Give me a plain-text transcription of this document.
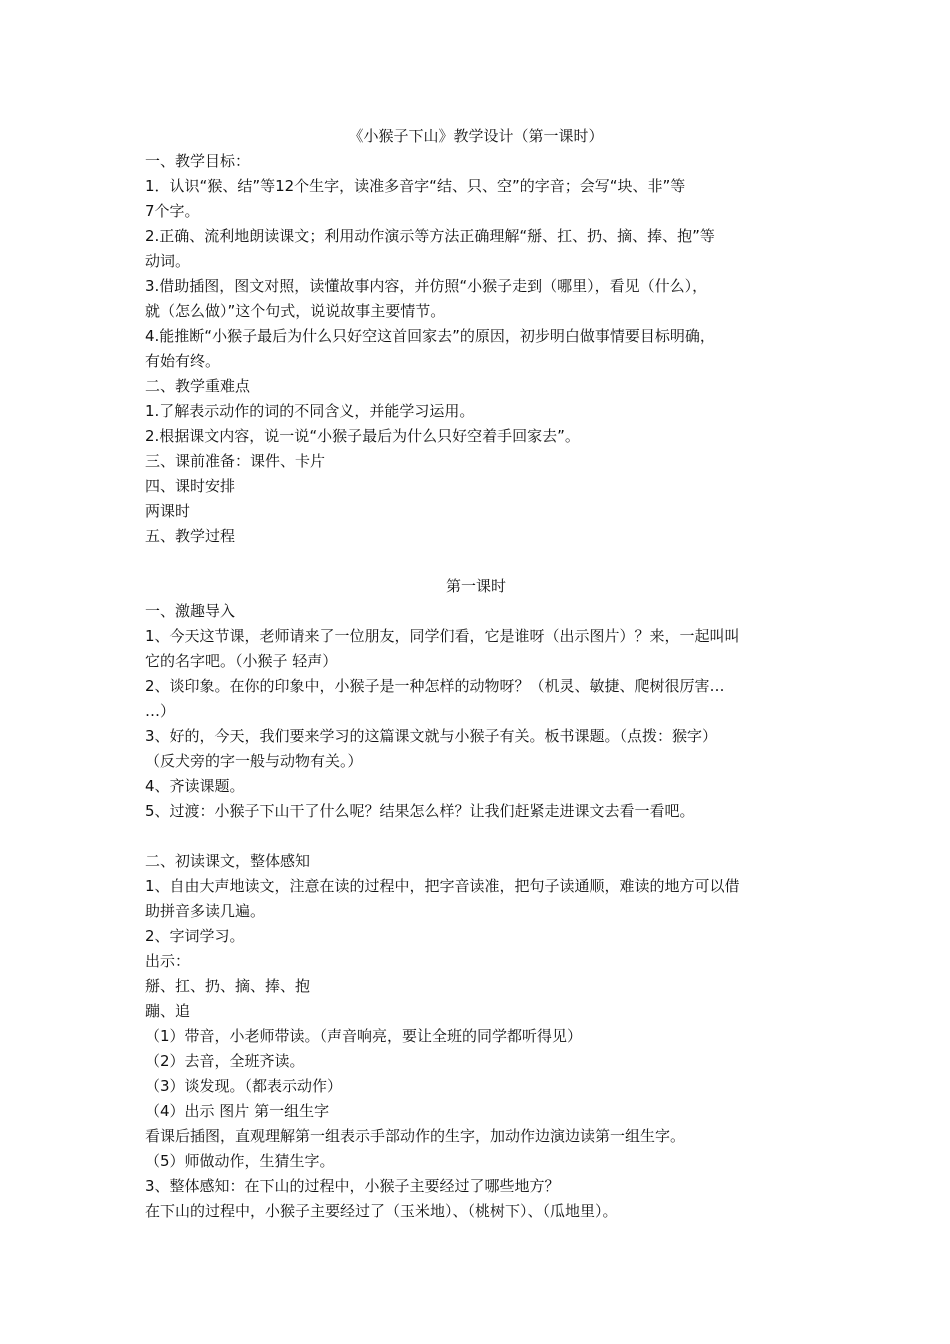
《小猴子下山》教学设计（第一课时）
一、教学目标：
1．认识“猴、结”等12个生字，读准多音字“结、只、空”的字音；会写“块、非”等
7个字。
2.正确、流利地朗读课文；利用动作演示等方法正确理解“掰、扛、扔、摘、捧、抱”等
动词。
3.借助插图，图文对照，读懂故事内容，并仿照“小猴子走到（哪里），看见（什么），
就（怎么做）”这个句式，说说故事主要情节。
4.能推断“小猴子最后为什么只好空这首回家去”的原因，初步明白做事情要目标明确，
有始有终。
二、教学重难点
1.了解表示动作的词的不同含义，并能学习运用。
2.根据课文内容，说一说“小猴子最后为什么只好空着手回家去”。
三、课前准备：课件、卡片
四、课时安排
两课时
五、教学过程
第一课时
一、激趣导入
1、今天这节课，老师请来了一位朋友，同学们看，它是谁呀（出示图片）？来，一起叫叫
它的名字吧。（小猴子 轻声）
2、谈印象。在你的印象中，小猴子是一种怎样的动物呀？（机灵、敏捷、爬树很厉害…
…）
3、好的，今天，我们要来学习的这篇课文就与小猴子有关。板书课题。（点拨：猴字）
（反犬旁的字一般与动物有关。）
4、齐读课题。
5、过渡：小猴子下山干了什么呢？结果怎么样？让我们赶紧走进课文去看一看吧。
二、初读课文，整体感知
1、自由大声地读文，注意在读的过程中，把字音读准，把句子读通顺，难读的地方可以借
助拼音多读几遍。
2、字词学习。
出示：
掰、扛、扔、摘、捧、抱
蹦、追
（1）带音，小老师带读。（声音响亮，要让全班的同学都听得见）
（2）去音，全班齐读。
（3）谈发现。（都表示动作）
（4）出示 图片 第一组生字
看课后插图，直观理解第一组表示手部动作的生字，加动作边演边读第一组生字。
（5）师做动作，生猜生字。
3、整体感知：在下山的过程中，小猴子主要经过了哪些地方？
在下山的过程中，小猴子主要经过了（玉米地）、（桃树下）、（瓜地里）。
